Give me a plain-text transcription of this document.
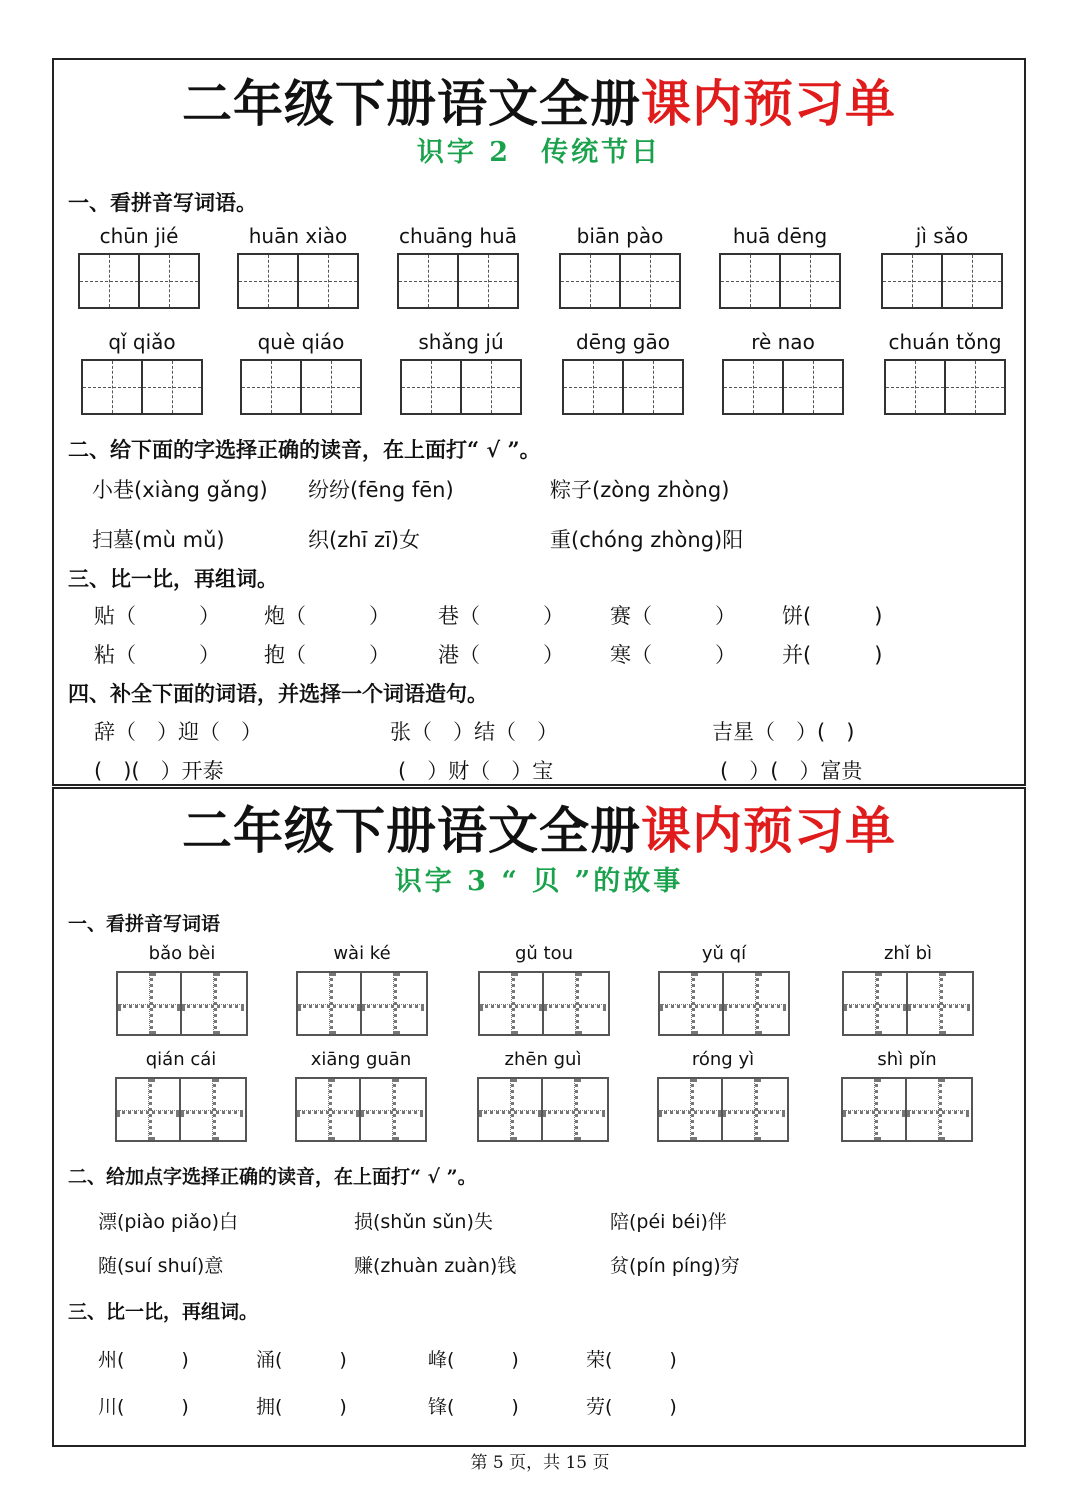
二年级下册语文全册课内预习单
识字 2　传统节日
一、看拼音写词语。
chūn jié	huān xiào	chuāng huā	biān pào	huā dēng	jì sǎo
qǐ qiǎo	què qiáo	shǎng jú	dēng gāo	rè nao	chuán tǒng
二、给下面的字选择正确的读音，在上面打“ √ ”。
小巷(xiàng gǎng) 纷纷(fēng fēn)	粽子(zòng zhòng)
扫墓(mù mǔ)	织(zhī zī)女	重(chóng zhòng)阳
三、比一比，再组词。
贴（　　　） 炮（　　　） 巷（　　　） 赛（　　　） 饼(　　　)
粘（　　　） 抱（　　　） 港（　　　） 寒（　　　） 并(　　　)
四、补全下面的词语，并选择一个词语造句。
辞（　）迎（　）	张（　）结（　）	吉星（　）(　)
(　)(　）开泰	(　）财（　）宝	(　）(　）富贵
二年级下册语文全册课内预习单
识字 3 “ 贝 ”的故事
一、看拼音写词语
bǎo bèi	wài ké	gǔ tou	yǔ qí	zhǐ bì
qián cái	xiāng guān	zhēn guì	róng yì	shì pǐn
二、给加点字选择正确的读音，在上面打“ √ ”。
漂(piào piǎo)白	损(shǔn sǔn)失	陪(péi béi)伴
随(suí shuí)意	赚(zhuàn zuàn)钱	贫(pín píng)穷
三、比一比，再组词。
州(　　　)	涌(　　　)	峰(　　　)	荣(　　　)
川(　　　)	拥(　　　)	锋(　　　)	劳(　　　)
第 5 页，共 15 页
